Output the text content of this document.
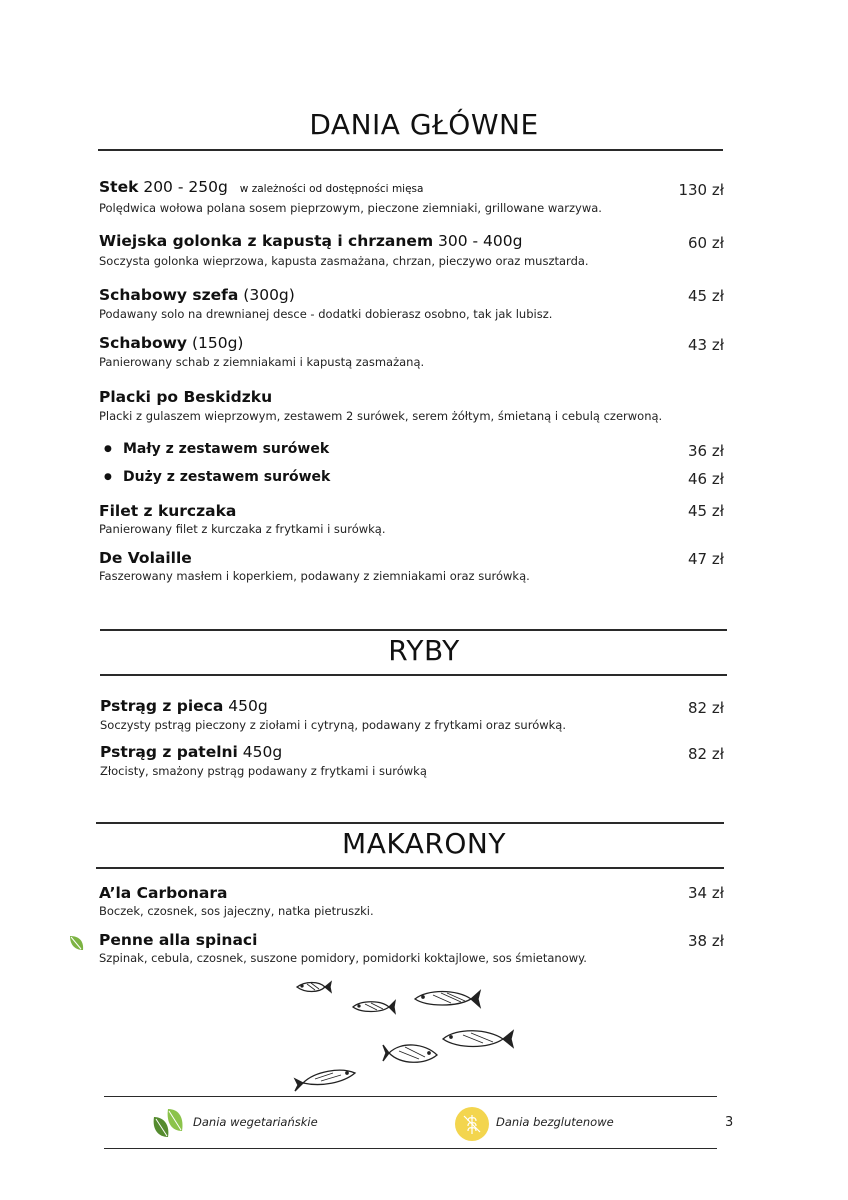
DANIA GŁÓWNE
Stek 200 - 250g w zależności od dostępności mięsa
Polędwica wołowa polana sosem pieprzowym, pieczone ziemniaki, grillowane warzywa.
130 zł
Wiejska golonka z kapustą i chrzanem 300 - 400g
Soczysta golonka wieprzowa, kapusta zasmażana, chrzan, pieczywo oraz musztarda.
60 zł
Schabowy szefa (300g)
Podawany solo na drewnianej desce - dodatki dobierasz osobno, tak jak lubisz.
45 zł
Schabowy (150g)
Panierowany schab z ziemniakami i kapustą zasmażaną.
43 zł
Placki po Beskidzku
Placki z gulaszem wieprzowym, zestawem 2 surówek, serem żółtym, śmietaną i cebulą czerwoną.
● Mały z zestawem surówek	36 zł
● Duży z zestawem surówek	46 zł
Filet z kurczaka
Panierowany filet z kurczaka z frytkami i surówką.
45 zł
De Volaille
Faszerowany masłem i koperkiem, podawany z ziemniakami oraz surówką.
47 zł
RYBY
Pstrąg z pieca 450g
Soczysty pstrąg pieczony z ziołami i cytryną, podawany z frytkami oraz surówką.
82 zł
Pstrąg z patelni 450g
Złocisty, smażony pstrąg podawany z frytkami i surówką
82 zł
MAKARONY
A’la Carbonara
Boczek, czosnek, sos jajeczny, natka pietruszki.
34 zł
Penne alla spinaci
Szpinak, cebula, czosnek, suszone pomidory, pomidorki koktajlowe, sos śmietanowy.
38 zł
Dania wegetariańskie	Dania bezglutenowe	3
